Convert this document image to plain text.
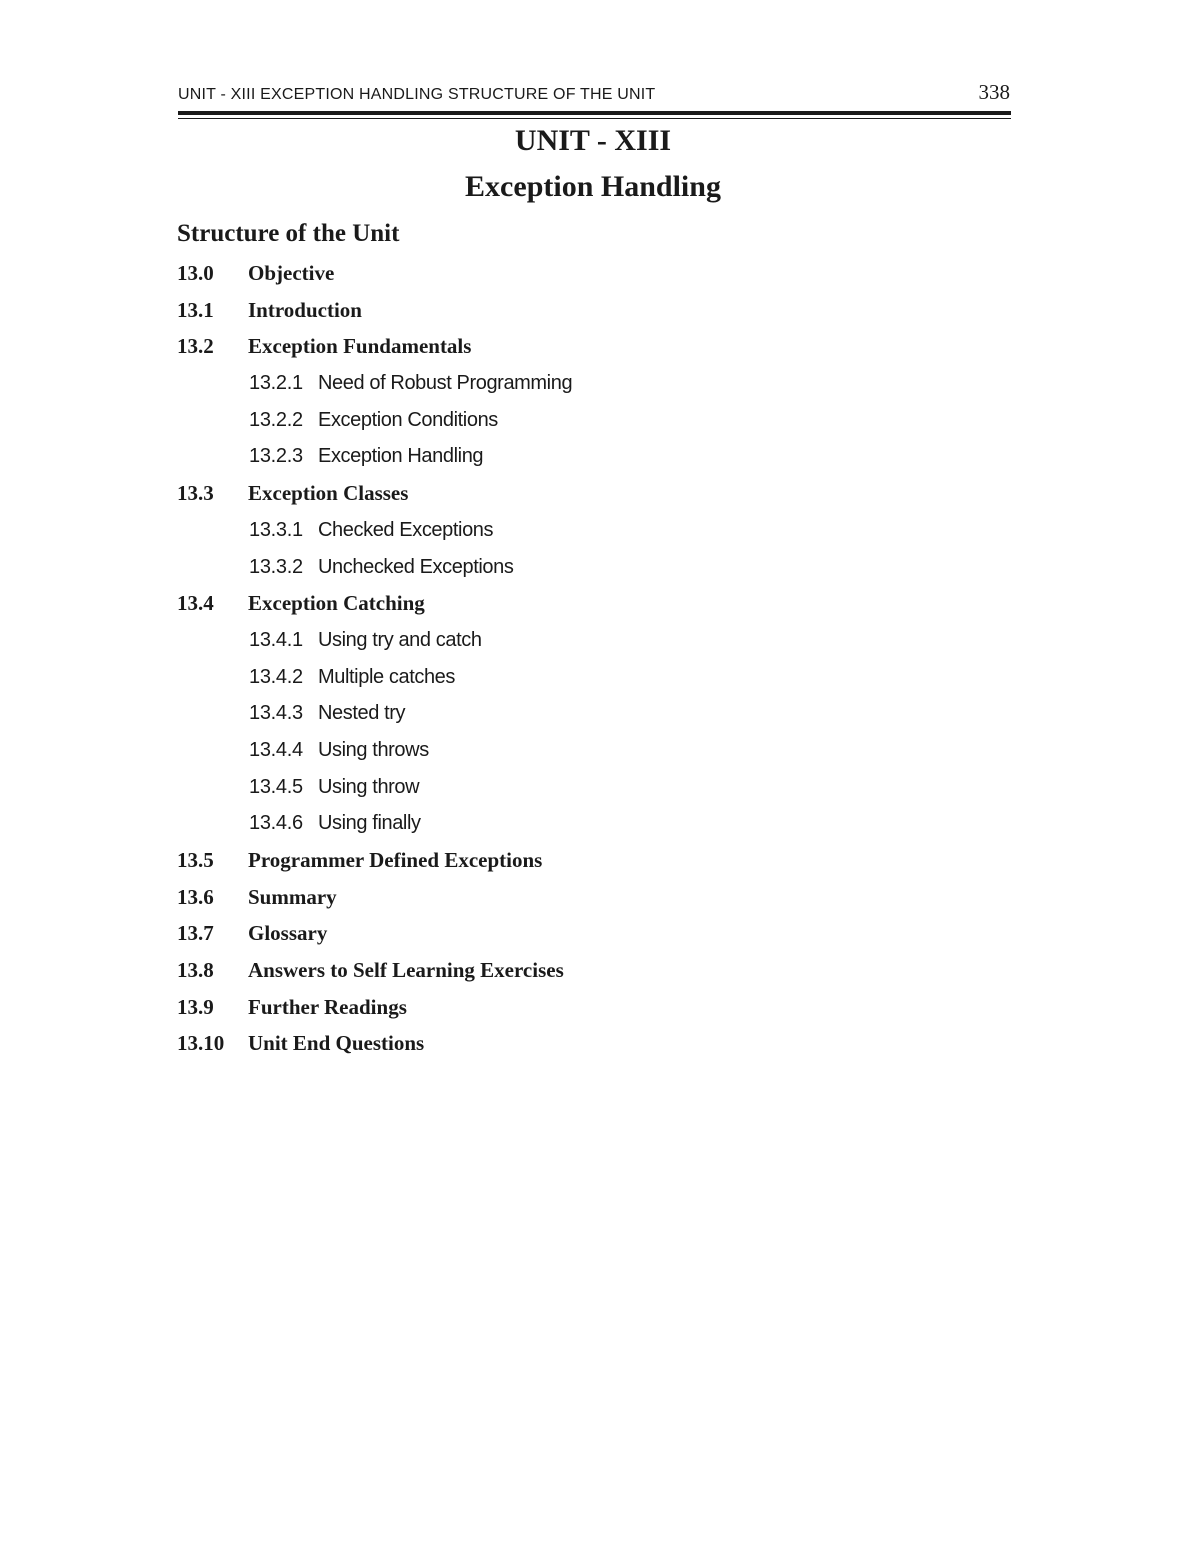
UNIT - XIII EXCEPTION HANDLING STRUCTURE OF THE UNIT	338
UNIT - XIII
Exception Handling
Structure of the Unit
13.0 Objective
13.1 Introduction
13.2 Exception Fundamentals
13.2.1 Need of Robust Programming
13.2.2 Exception Conditions
13.2.3 Exception Handling
13.3 Exception Classes
13.3.1 Checked Exceptions
13.3.2 Unchecked Exceptions
13.4 Exception Catching
13.4.1 Using try and catch
13.4.2 Multiple catches
13.4.3 Nested try
13.4.4 Using throws
13.4.5 Using throw
13.4.6 Using finally
13.5 Programmer Defined Exceptions
13.6 Summary
13.7 Glossary
13.8 Answers to Self Learning Exercises
13.9 Further Readings
13.10 Unit End Questions
